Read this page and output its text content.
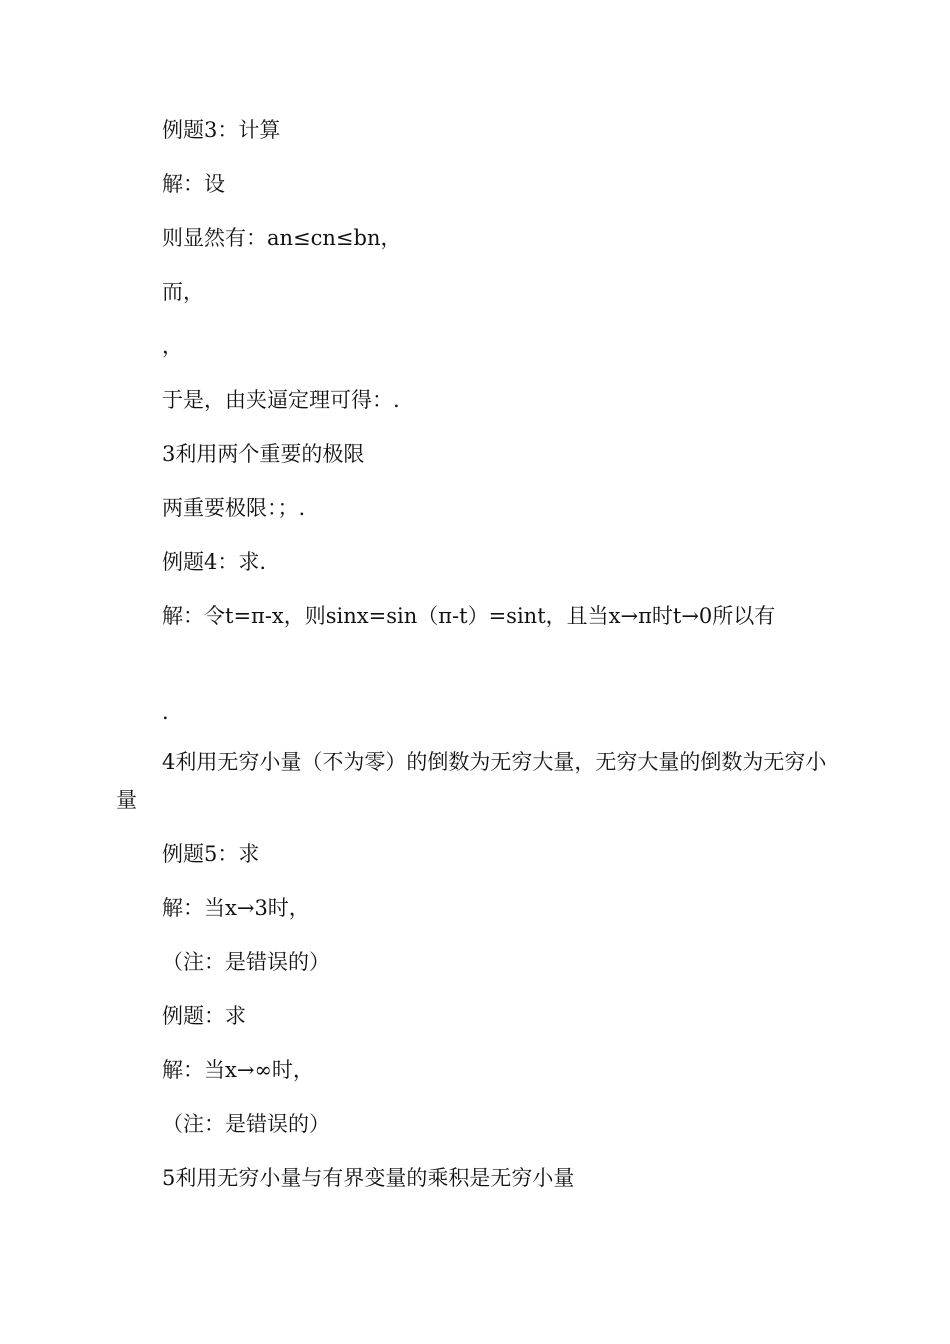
例题3：计算

解：设

则显然有：an≤cn≤bn，

而，

，

于是，由夹逼定理可得：.

3利用两个重要的极限

两重要极限：；.

例题4：求.

解：令t=π-x，则sinx=sin（π-t）=sint，且当x→π时t→0所以有

.

4利用无穷小量（不为零）的倒数为无穷大量，无穷大量的倒数为无穷小量

例题5：求

解：当x→3时，

（注：是错误的）

例题：求

解：当x→∞时，

（注：是错误的）

5利用无穷小量与有界变量的乘积是无穷小量
